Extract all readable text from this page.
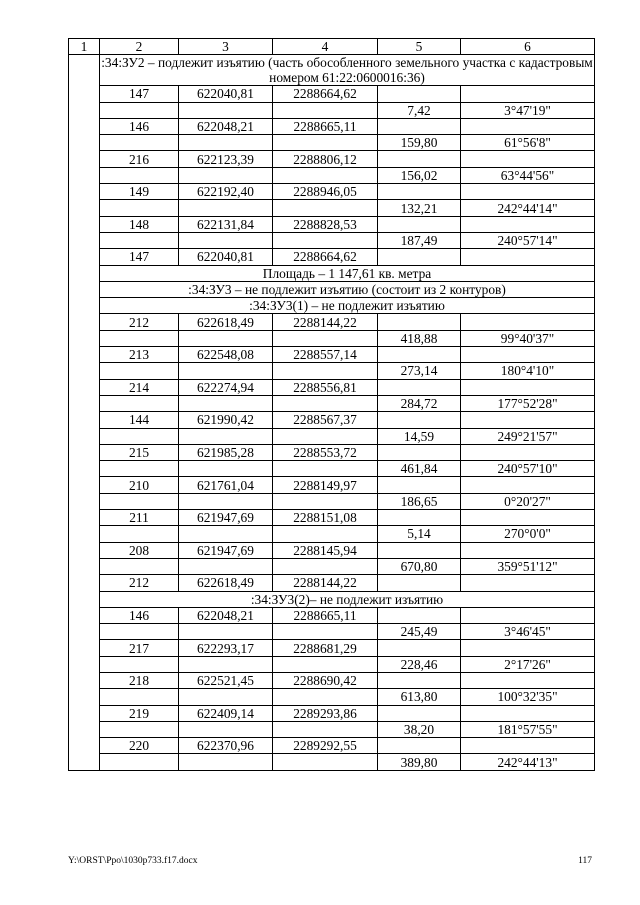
1	2	3	4	5	6
	:34:ЗУ2 – подлежит изъятию (часть обособленного земельного участка с кадастровым номером 61:22:0600016:36)				
	147	622040,81	2288664,62		
				7,42	3°47'19"
	146	622048,21	2288665,11		
				159,80	61°56'8"
	216	622123,39	2288806,12		
				156,02	63°44'56"
	149	622192,40	2288946,05		
				132,21	242°44'14"
	148	622131,84	2288828,53		
				187,49	240°57'14"
	147	622040,81	2288664,62		
	Площадь – 1 147,61 кв. метра				
	:34:ЗУ3 – не подлежит изъятию (состоит из 2 контуров)				
	:34:ЗУ3(1) – не подлежит изъятию				
	212	622618,49	2288144,22		
				418,88	99°40'37"
	213	622548,08	2288557,14		
				273,14	180°4'10"
	214	622274,94	2288556,81		
				284,72	177°52'28"
	144	621990,42	2288567,37		
				14,59	249°21'57"
	215	621985,28	2288553,72		
				461,84	240°57'10"
	210	621761,04	2288149,97		
				186,65	0°20'27"
	211	621947,69	2288151,08		
				5,14	270°0'0"
	208	621947,69	2288145,94		
				670,80	359°51'12"
	212	622618,49	2288144,22		
	:34:ЗУ3(2)– не подлежит изъятию				
	146	622048,21	2288665,11		
				245,49	3°46'45"
	217	622293,17	2288681,29		
				228,46	2°17'26"
	218	622521,45	2288690,42		
				613,80	100°32'35"
	219	622409,14	2289293,86		
				38,20	181°57'55"
	220	622370,96	2289292,55		
				389,80	242°44'13"
Y:\ORST\Ppo\1030p733.f17.docx	117
